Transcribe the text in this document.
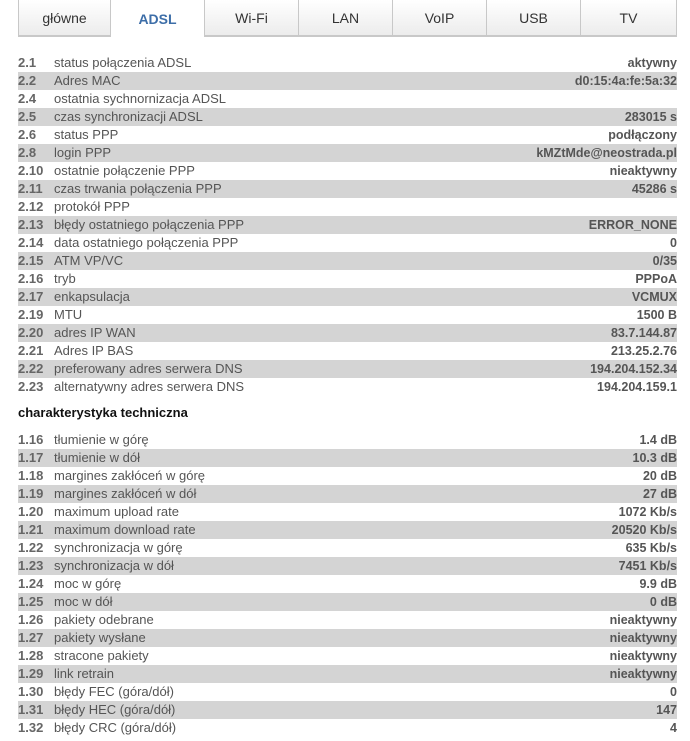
główne	ADSL	Wi-Fi	LAN	VoIP	USB	TV
2.1	status połączenia ADSL	aktywny
2.2	Adres MAC	d0:15:4a:fe:5a:32
2.4	ostatnia sychnornizacja ADSL
2.5	czas synchronizacji ADSL	283015 s
2.6	status PPP	podłączony
2.8	login PPP	kMZtMde@neostrada.pl
2.10 ostatnie połączenie PPP	nieaktywny
2.11 czas trwania połączenia PPP	45286 s
2.12 protokół PPP
2.13 błędy ostatniego połączenia PPP	ERROR_NONE
2.14 data ostatniego połączenia PPP	0
2.15 ATM VP/VC	0/35
2.16 tryb	PPPoA
2.17 enkapsulacja	VCMUX
2.19 MTU	1500 B
2.20 adres IP WAN	83.7.144.87
2.21 Adres IP BAS	213.25.2.76
2.22 preferowany adres serwera DNS	194.204.152.34
2.23 alternatywny adres serwera DNS	194.204.159.1
charakterystyka techniczna
1.16 tłumienie w górę	1.4 dB
1.17 tłumienie w dół	10.3 dB
1.18 margines zakłóceń w górę	20 dB
1.19 margines zakłóceń w dół	27 dB
1.20 maximum upload rate	1072 Kb/s
1.21 maximum download rate	20520 Kb/s
1.22 synchronizacja w górę	635 Kb/s
1.23 synchronizacja w dół	7451 Kb/s
1.24 moc w górę	9.9 dB
1.25 moc w dół	0 dB
1.26 pakiety odebrane	nieaktywny
1.27 pakiety wysłane	nieaktywny
1.28 stracone pakiety	nieaktywny
1.29 link retrain	nieaktywny
1.30 błędy FEC (góra/dół)	0
1.31 błędy HEC (góra/dół)	147
1.32 błędy CRC (góra/dół)	4
